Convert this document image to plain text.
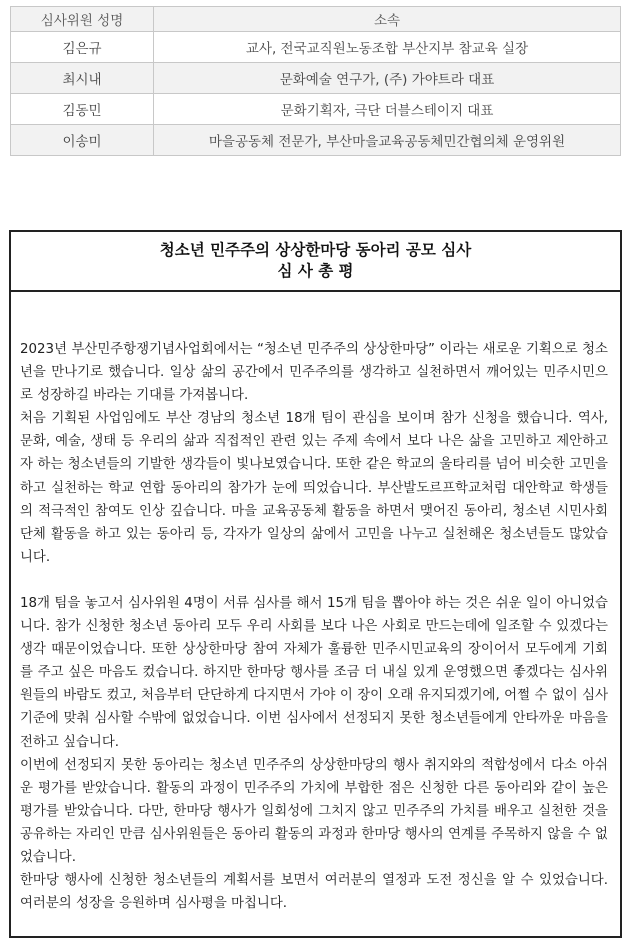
심사위원 성명	소속
김은규	교사, 전국교직원노동조합 부산지부 참교육 실장
최시내	문화예술 연구가, (주) 가야트라 대표
김동민	문화기획자, 극단 더블스테이지 대표
이송미	마을공동체 전문가, 부산마을교육공동체민간협의체 운영위원
청소년 민주주의 상상한마당 동아리 공모 심사
심 사 총 평

2023년 부산민주항쟁기념사업회에서는 “청소년 민주주의 상상한마당” 이라는 새로운 기획으로 청소년을 만나기로 했습니다. 일상 삶의 공간에서 민주주의를 생각하고 실천하면서 깨어있는 민주시민으로 성장하길 바라는 기대를 가져봅니다.

처음 기획된 사업임에도 부산 경남의 청소년 18개 팀이 관심을 보이며 참가 신청을 했습니다. 역사, 문화, 예술, 생태 등 우리의 삶과 직접적인 관련 있는 주제 속에서 보다 나은 삶을 고민하고 제안하고자 하는 청소년들의 기발한 생각들이 빛나보였습니다. 또한 같은 학교의 울타리를 넘어 비슷한 고민을 하고 실천하는 학교 연합 동아리의 참가가 눈에 띄었습니다. 부산발도르프학교처럼 대안학교 학생들의 적극적인 참여도 인상 깊습니다. 마을 교육공동체 활동을 하면서 맺어진 동아리, 청소년 시민사회단체 활동을 하고 있는 동아리 등, 각자가 일상의 삶에서 고민을 나누고 실천해온 청소년들도 많았습니다.

18개 팀을 놓고서 심사위원 4명이 서류 심사를 해서 15개 팀을 뽑아야 하는 것은 쉬운 일이 아니었습니다. 참가 신청한 청소년 동아리 모두 우리 사회를 보다 나은 사회로 만드는데에 일조할 수 있겠다는 생각 때문이었습니다. 또한 상상한마당 참여 자체가 훌륭한 민주시민교육의 장이어서 모두에게 기회를 주고 싶은 마음도 컸습니다. 하지만 한마당 행사를 조금 더 내실 있게 운영했으면 좋겠다는 심사위원들의 바람도 컸고, 처음부터 단단하게 다지면서 가야 이 장이 오래 유지되겠기에, 어쩔 수 없이 심사 기준에 맞춰 심사할 수밖에 없었습니다. 이번 심사에서 선정되지 못한 청소년들에게 안타까운 마음을 전하고 싶습니다.

이번에 선정되지 못한 동아리는 청소년 민주주의 상상한마당의 행사 취지와의 적합성에서 다소 아쉬운 평가를 받았습니다. 활동의 과정이 민주주의 가치에 부합한 점은 신청한 다른 동아리와 같이 높은 평가를 받았습니다. 다만, 한마당 행사가 일회성에 그치지 않고 민주주의 가치를 배우고 실천한 것을 공유하는 자리인 만큼 심사위원들은 동아리 활동의 과정과 한마당 행사의 연계를 주목하지 않을 수 없었습니다.

한마당 행사에 신청한 청소년들의 계획서를 보면서 여러분의 열정과 도전 정신을 알 수 있었습니다. 여러분의 성장을 응원하며 심사평을 마칩니다.
